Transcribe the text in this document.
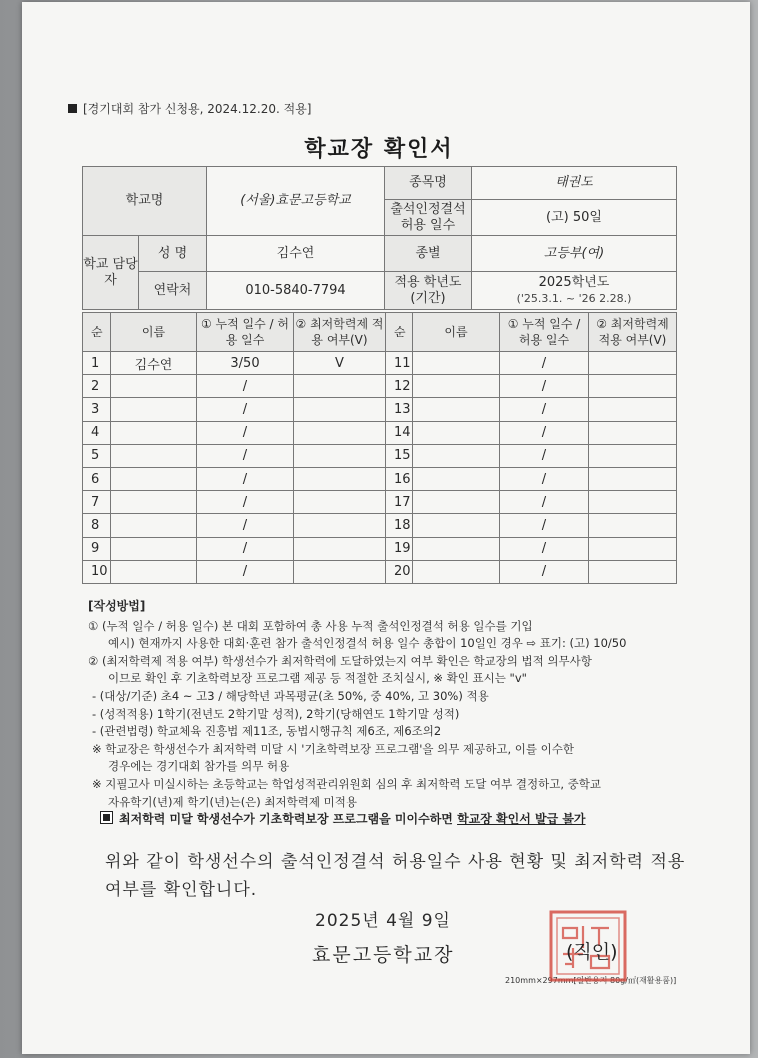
[경기대회 참가 신청용, 2024.12.20. 적용]
학교장 확인서
학교명		(서울)효문고등학교	종목명	태권도
			출석인정결석 허용 일수	(고) 50일
학교 담당자	성 명	김수연	종별	고등부(여)
	연락처	010-5840-7794	적용 학년도 (기간)	2025학년도
('25.3.1. ~ '26 2.28.)
순	이름	① 누적 일수 / 허용 일수	② 최저학력제 적용 여부(V)	순	이름	① 누적 일수 / 허용 일수	② 최저학력제 적용 여부(V)
1	김수연	3/50	V	11		/	
2		/		12		/	
3		/		13		/	
4		/		14		/	
5		/		15		/	
6		/		16		/	
7		/		17		/	
8		/		18		/	
9		/		19		/	
10		/		20		/	

[작성방법]

① (누적 일수 / 허용 일수) 본 대회 포함하여 총 사용 누적 출석인정결석 허용 일수를 기입

예시) 현재까지 사용한 대회·훈련 참가 출석인정결석 허용 일수 총합이 10일인 경우 ⇨ 표기: (고) 10/50

② (최저학력제 적용 여부) 학생선수가 최저학력에 도달하였는지 여부 확인은 학교장의 법적 의무사항

이므로 확인 후 기초학력보장 프로그램 제공 등 적절한 조치실시, ※ 확인 표시는 "v"

- (대상/기준) 초4 ~ 고3 / 해당학년 과목평균(초 50%, 중 40%, 고 30%) 적용

- (성적적용) 1학기(전년도 2학기말 성적), 2학기(당해연도 1학기말 성적)

- (관련법령) 학교체육 진흥법 제11조, 동법시행규칙 제6조, 제6조의2

※ 학교장은 학생선수가 최저학력 미달 시 '기초학력보장 프로그램'을 의무 제공하고, 이를 이수한

경우에는 경기대회 참가를 의무 허용

※ 지필고사 미실시하는 초등학교는 학업성적관리위원회 심의 후 최저학력 도달 여부 결정하고, 중학교

자유학기(년)제 학기(년)는(은) 최저학력제 미적용

최저학력 미달 학생선수가 기초학력보장 프로그램을 미이수하면 학교장 확인서 발급 불가
위와 같이 학생선수의 출석인정결석 허용일수 사용 현황 및 최저학력 적용 여부를 확인합니다.
2025년 4월 9일
효문고등학교장	(직인)
210mm×297mm[일반용지 80g/㎡(재활용품)]
